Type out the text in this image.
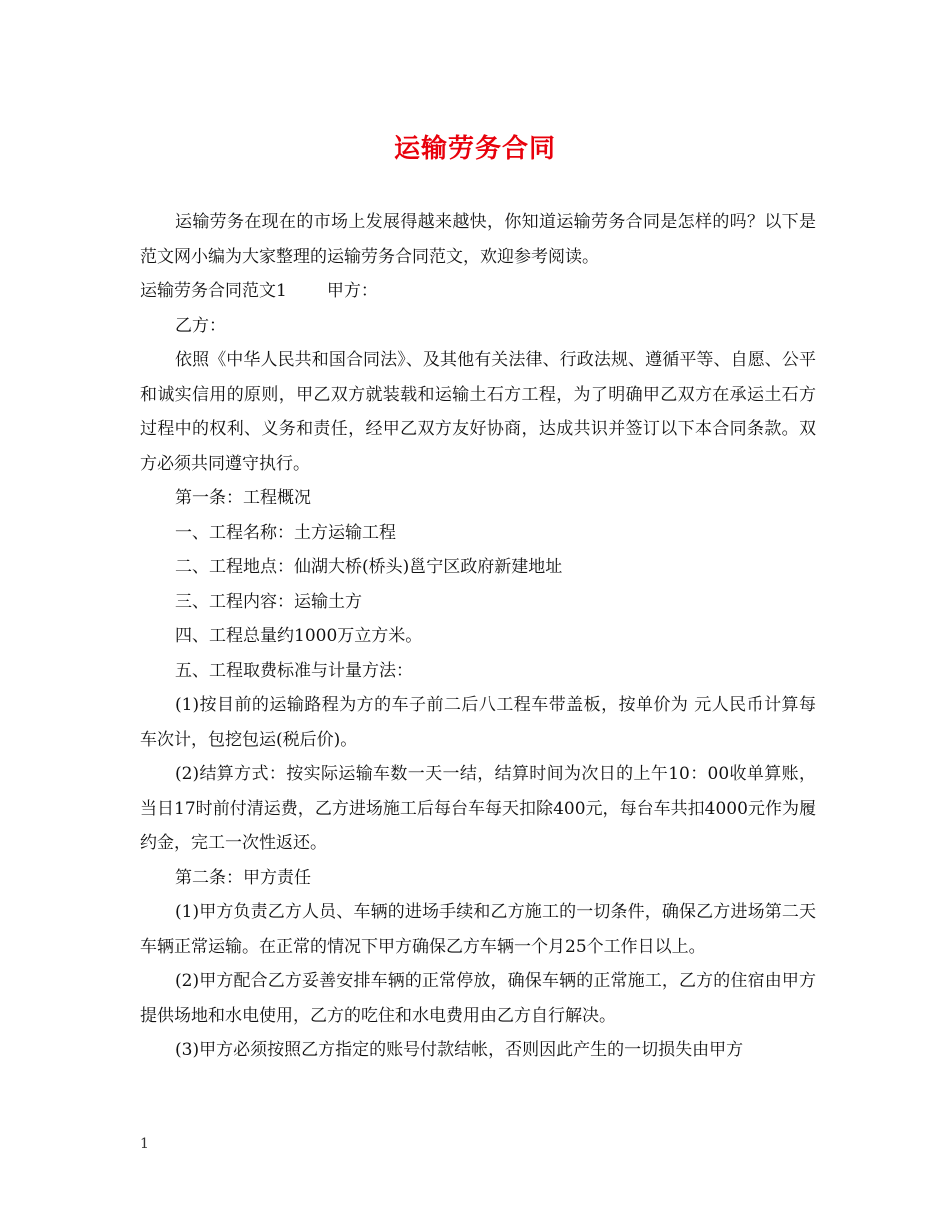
运输劳务合同

运输劳务在现在的市场上发展得越来越快，你知道运输劳务合同是怎样的吗？以下是范文网小编为大家整理的运输劳务合同范文，欢迎参考阅读。

运输劳务合同范文1 甲方：

乙方：

依照《中华人民共和国合同法》、及其他有关法律、行政法规、遵循平等、自愿、公平和诚实信用的原则，甲乙双方就装载和运输土石方工程，为了明确甲乙双方在承运土石方过程中的权利、义务和责任，经甲乙双方友好协商，达成共识并签订以下本合同条款。双方必须共同遵守执行。

第一条：工程概况

一、工程名称：土方运输工程

二、工程地点：仙湖大桥(桥头)邕宁区政府新建地址

三、工程内容：运输土方

四、工程总量约1000万立方米。

五、工程取费标准与计量方法：

(1)按目前的运输路程为方的车子前二后八工程车带盖板，按单价为 元人民币计算每车次计，包挖包运(税后价)。

(2)结算方式：按实际运输车数一天一结，结算时间为次日的上午10：00收单算账，当日17时前付清运费，乙方进场施工后每台车每天扣除400元，每台车共扣4000元作为履约金，完工一次性返还。

第二条：甲方责任

(1)甲方负责乙方人员、车辆的进场手续和乙方施工的一切条件，确保乙方进场第二天车辆正常运输。在正常的情况下甲方确保乙方车辆一个月25个工作日以上。

(2)甲方配合乙方妥善安排车辆的正常停放，确保车辆的正常施工，乙方的住宿由甲方提供场地和水电使用，乙方的吃住和水电费用由乙方自行解决。

(3)甲方必须按照乙方指定的账号付款结帐，否则因此产生的一切损失由甲方

1
